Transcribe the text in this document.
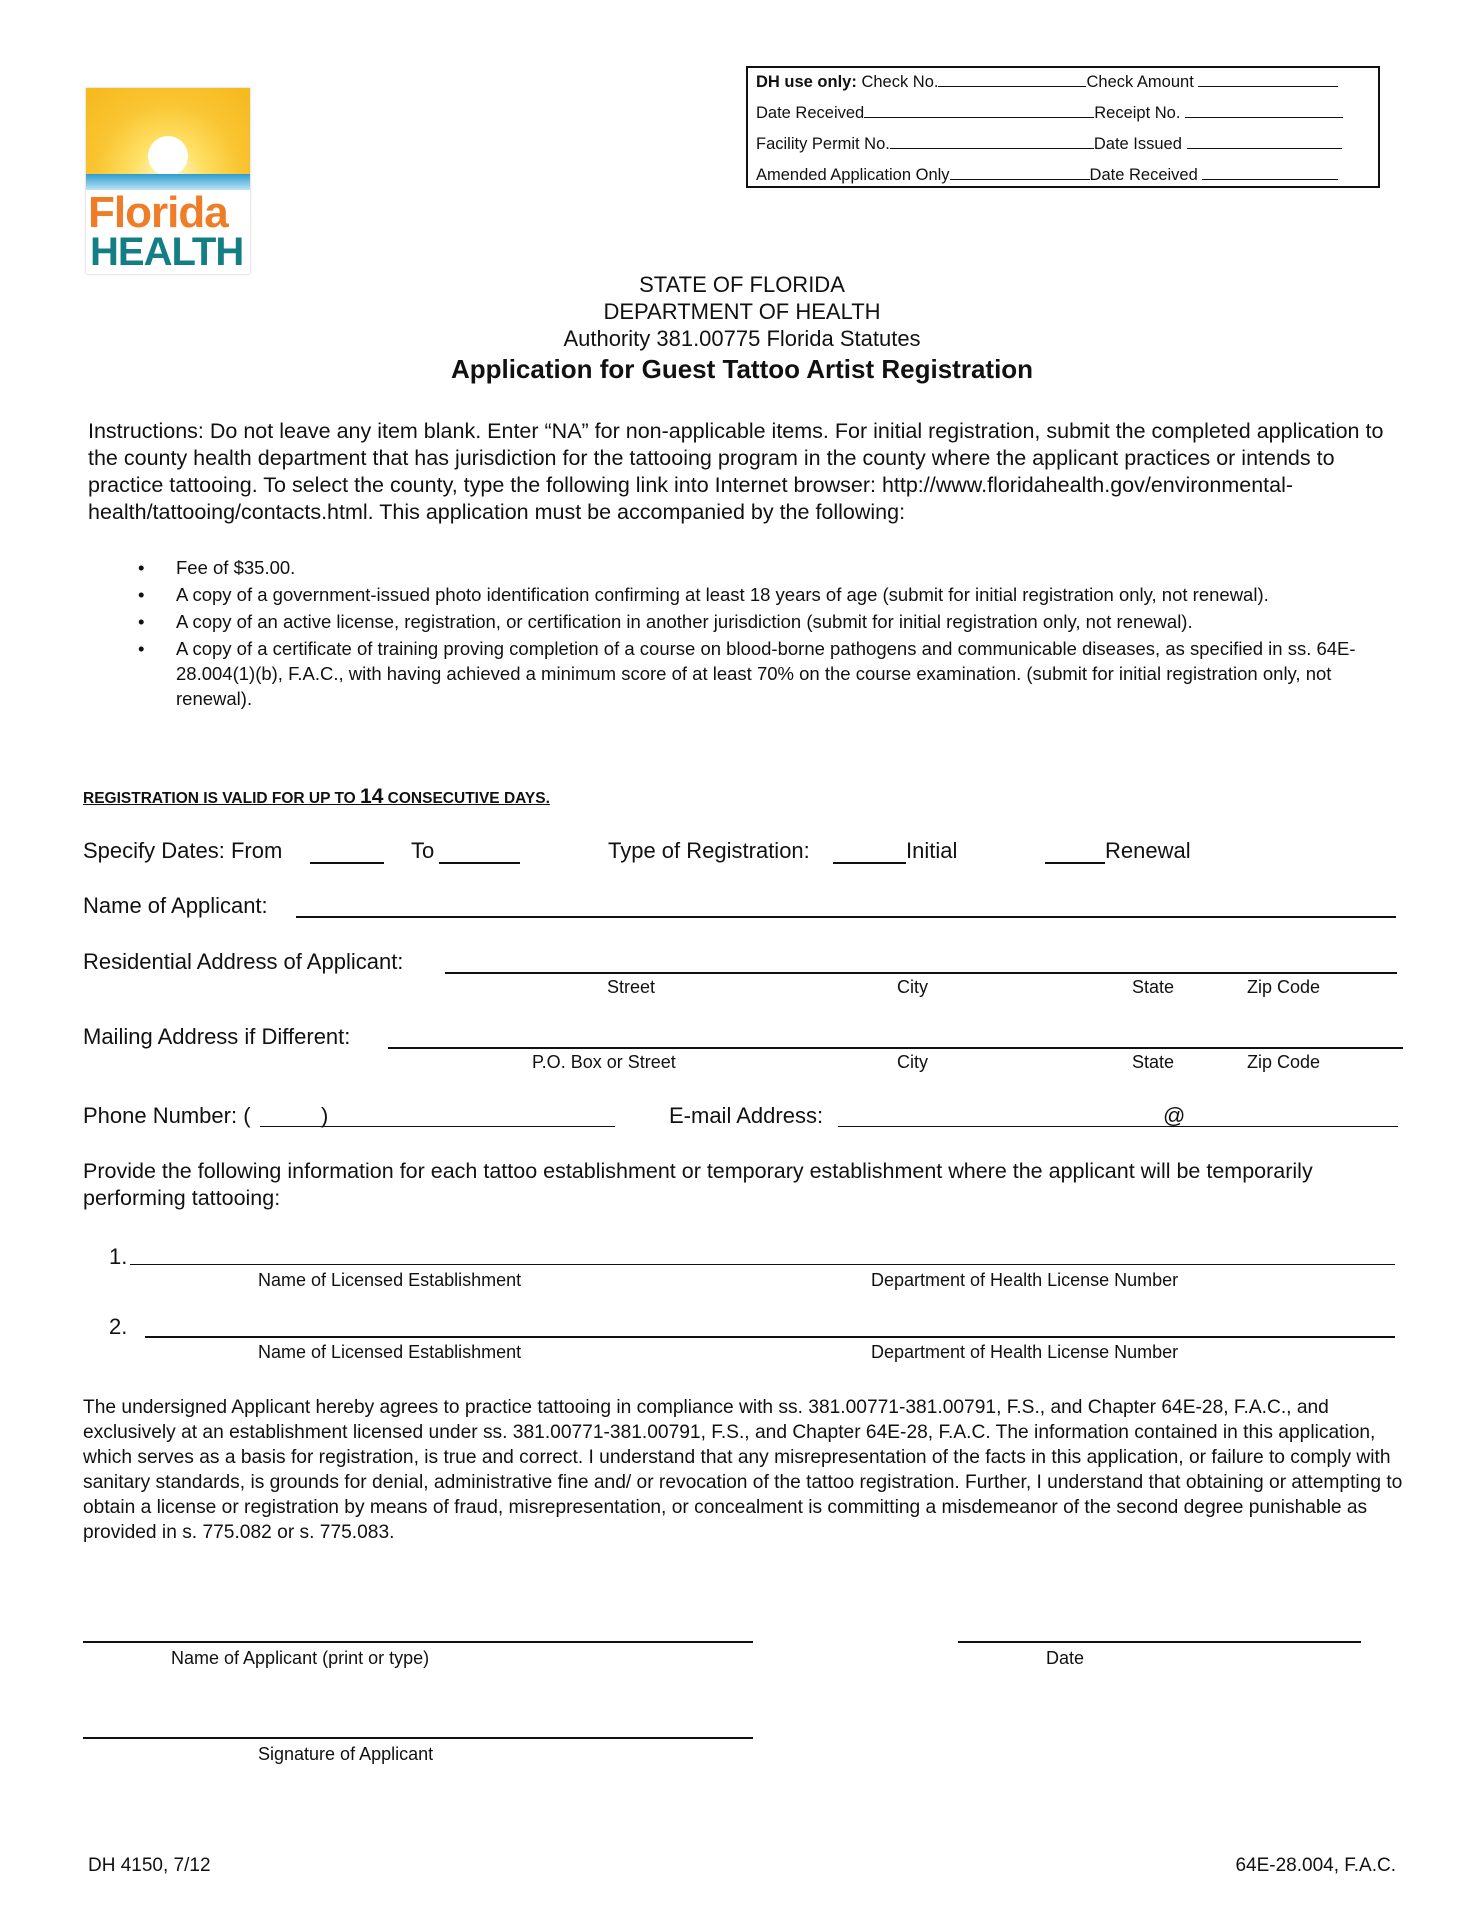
DH use only: Check No.	Check Amount
Date Received	Receipt No.
Facility Permit No.	Date Issued
Amended Application Only	Date Received
Florida
HEALTH
STATE OF FLORIDA
DEPARTMENT OF HEALTH
Authority 381.00775 Florida Statutes
Application for Guest Tattoo Artist Registration
Instructions: Do not leave any item blank. Enter “NA” for non-applicable items. For initial registration, submit the completed application to the county health department that has jurisdiction for the tattooing program in the county where the applicant practices or intends to practice tattooing. To select the county, type the following link into Internet browser: http://www.floridahealth.gov/environmental-health/tattooing/contacts.html. This application must be accompanied by the following:
• Fee of $35.00.
• A copy of a government-issued photo identification confirming at least 18 years of age (submit for initial registration only, not renewal).
• A copy of an active license, registration, or certification in another jurisdiction (submit for initial registration only, not renewal).
• A copy of a certificate of training proving completion of a course on blood-borne pathogens and communicable diseases, as specified in ss. 64E-28.004(1)(b), F.A.C., with having achieved a minimum score of at least 70% on the course examination. (submit for initial registration only, not renewal).
REGISTRATION IS VALID FOR UP TO 14 CONSECUTIVE DAYS.
Specify Dates: From	To	Type of Registration:	Initial	Renewal
Name of Applicant:
Residential Address of Applicant:
Street	City	State	Zip Code
Mailing Address if Different:
P.O. Box or Street	City	State	Zip Code
Phone Number: (	)	E-mail Address:	@
Provide the following information for each tattoo establishment or temporary establishment where the applicant will be temporarily performing tattooing:
1.
Name of Licensed Establishment	Department of Health License Number
2.
Name of Licensed Establishment	Department of Health License Number
The undersigned Applicant hereby agrees to practice tattooing in compliance with ss. 381.00771-381.00791, F.S., and Chapter 64E-28, F.A.C., and exclusively at an establishment licensed under ss. 381.00771-381.00791, F.S., and Chapter 64E-28, F.A.C. The information contained in this application, which serves as a basis for registration, is true and correct. I understand that any misrepresentation of the facts in this application, or failure to comply with sanitary standards, is grounds for denial, administrative fine and/ or revocation of the tattoo registration. Further, I understand that obtaining or attempting to obtain a license or registration by means of fraud, misrepresentation, or concealment is committing a misdemeanor of the second degree punishable as provided in s. 775.082 or s. 775.083.
Name of Applicant (print or type)	Date
Signature of Applicant
DH 4150, 7/12	64E-28.004, F.A.C.
